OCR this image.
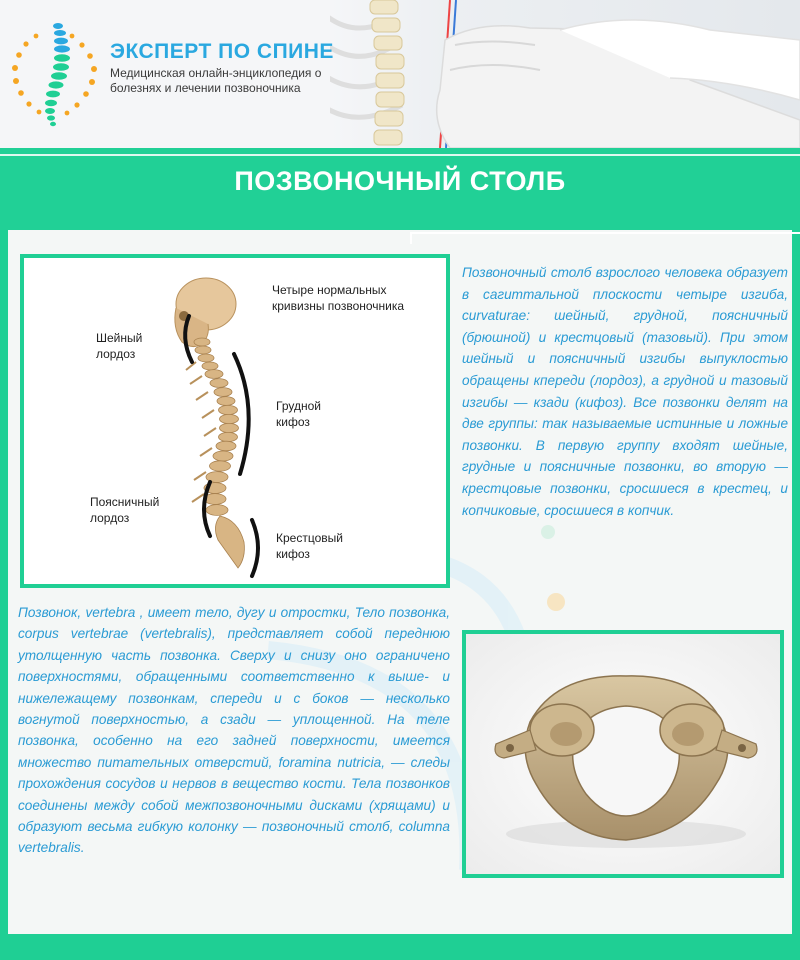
ЭКСПЕРТ ПО СПИНЕ
Медицинская онлайн-энциклопедия о болезнях и лечении позвоночника
ПОЗВОНОЧНЫЙ СТОЛБ
Четыре нормальных кривизны позвоночника
Шейный лордоз
Грудной кифоз
Поясничный лордоз
Крестцовый кифоз
Позвоночный столб взрослого человека образует в сагиттальной плоскости четыре изгиба, curvaturae: шейный, грудной, поясничный (брюшной) и крестцовый (тазовый). При этом шейный и поясничный изгибы выпуклостью обращены кпереди (лордоз), а грудной и тазовый изгибы — кзади (кифоз). Все позвонки делят на две группы: так называемые истинные и ложные позвонки. В первую группу входят шейные, грудные и поясничные позвонки, во вторую — крестцовые позвонки, сросшиеся в крестец, и копчиковые, сросшиеся в копчик.
Позвонок, vertebra , имеет тело, дугу и отростки, Тело позвонка, corpus vertebrae (vertebralis), представляет собой переднюю утолщенную часть позвонка. Сверху и снизу оно ограничено поверхностями, обращенными соответственно к выше- и нижележащему позвонкам, спереди и с боков — несколько вогнутой поверхностью, а сзади — уплощенной. На теле позвонка, особенно на его задней поверхности, имеется множество питательных отверстий, foramina nutricia, — следы прохождения сосудов и нервов в вещество кости. Тела позвонков соединены между собой межпозвоночными дисками (хрящами) и образуют весьма гибкую колонку — позвоночный столб, columna vertebralis.
